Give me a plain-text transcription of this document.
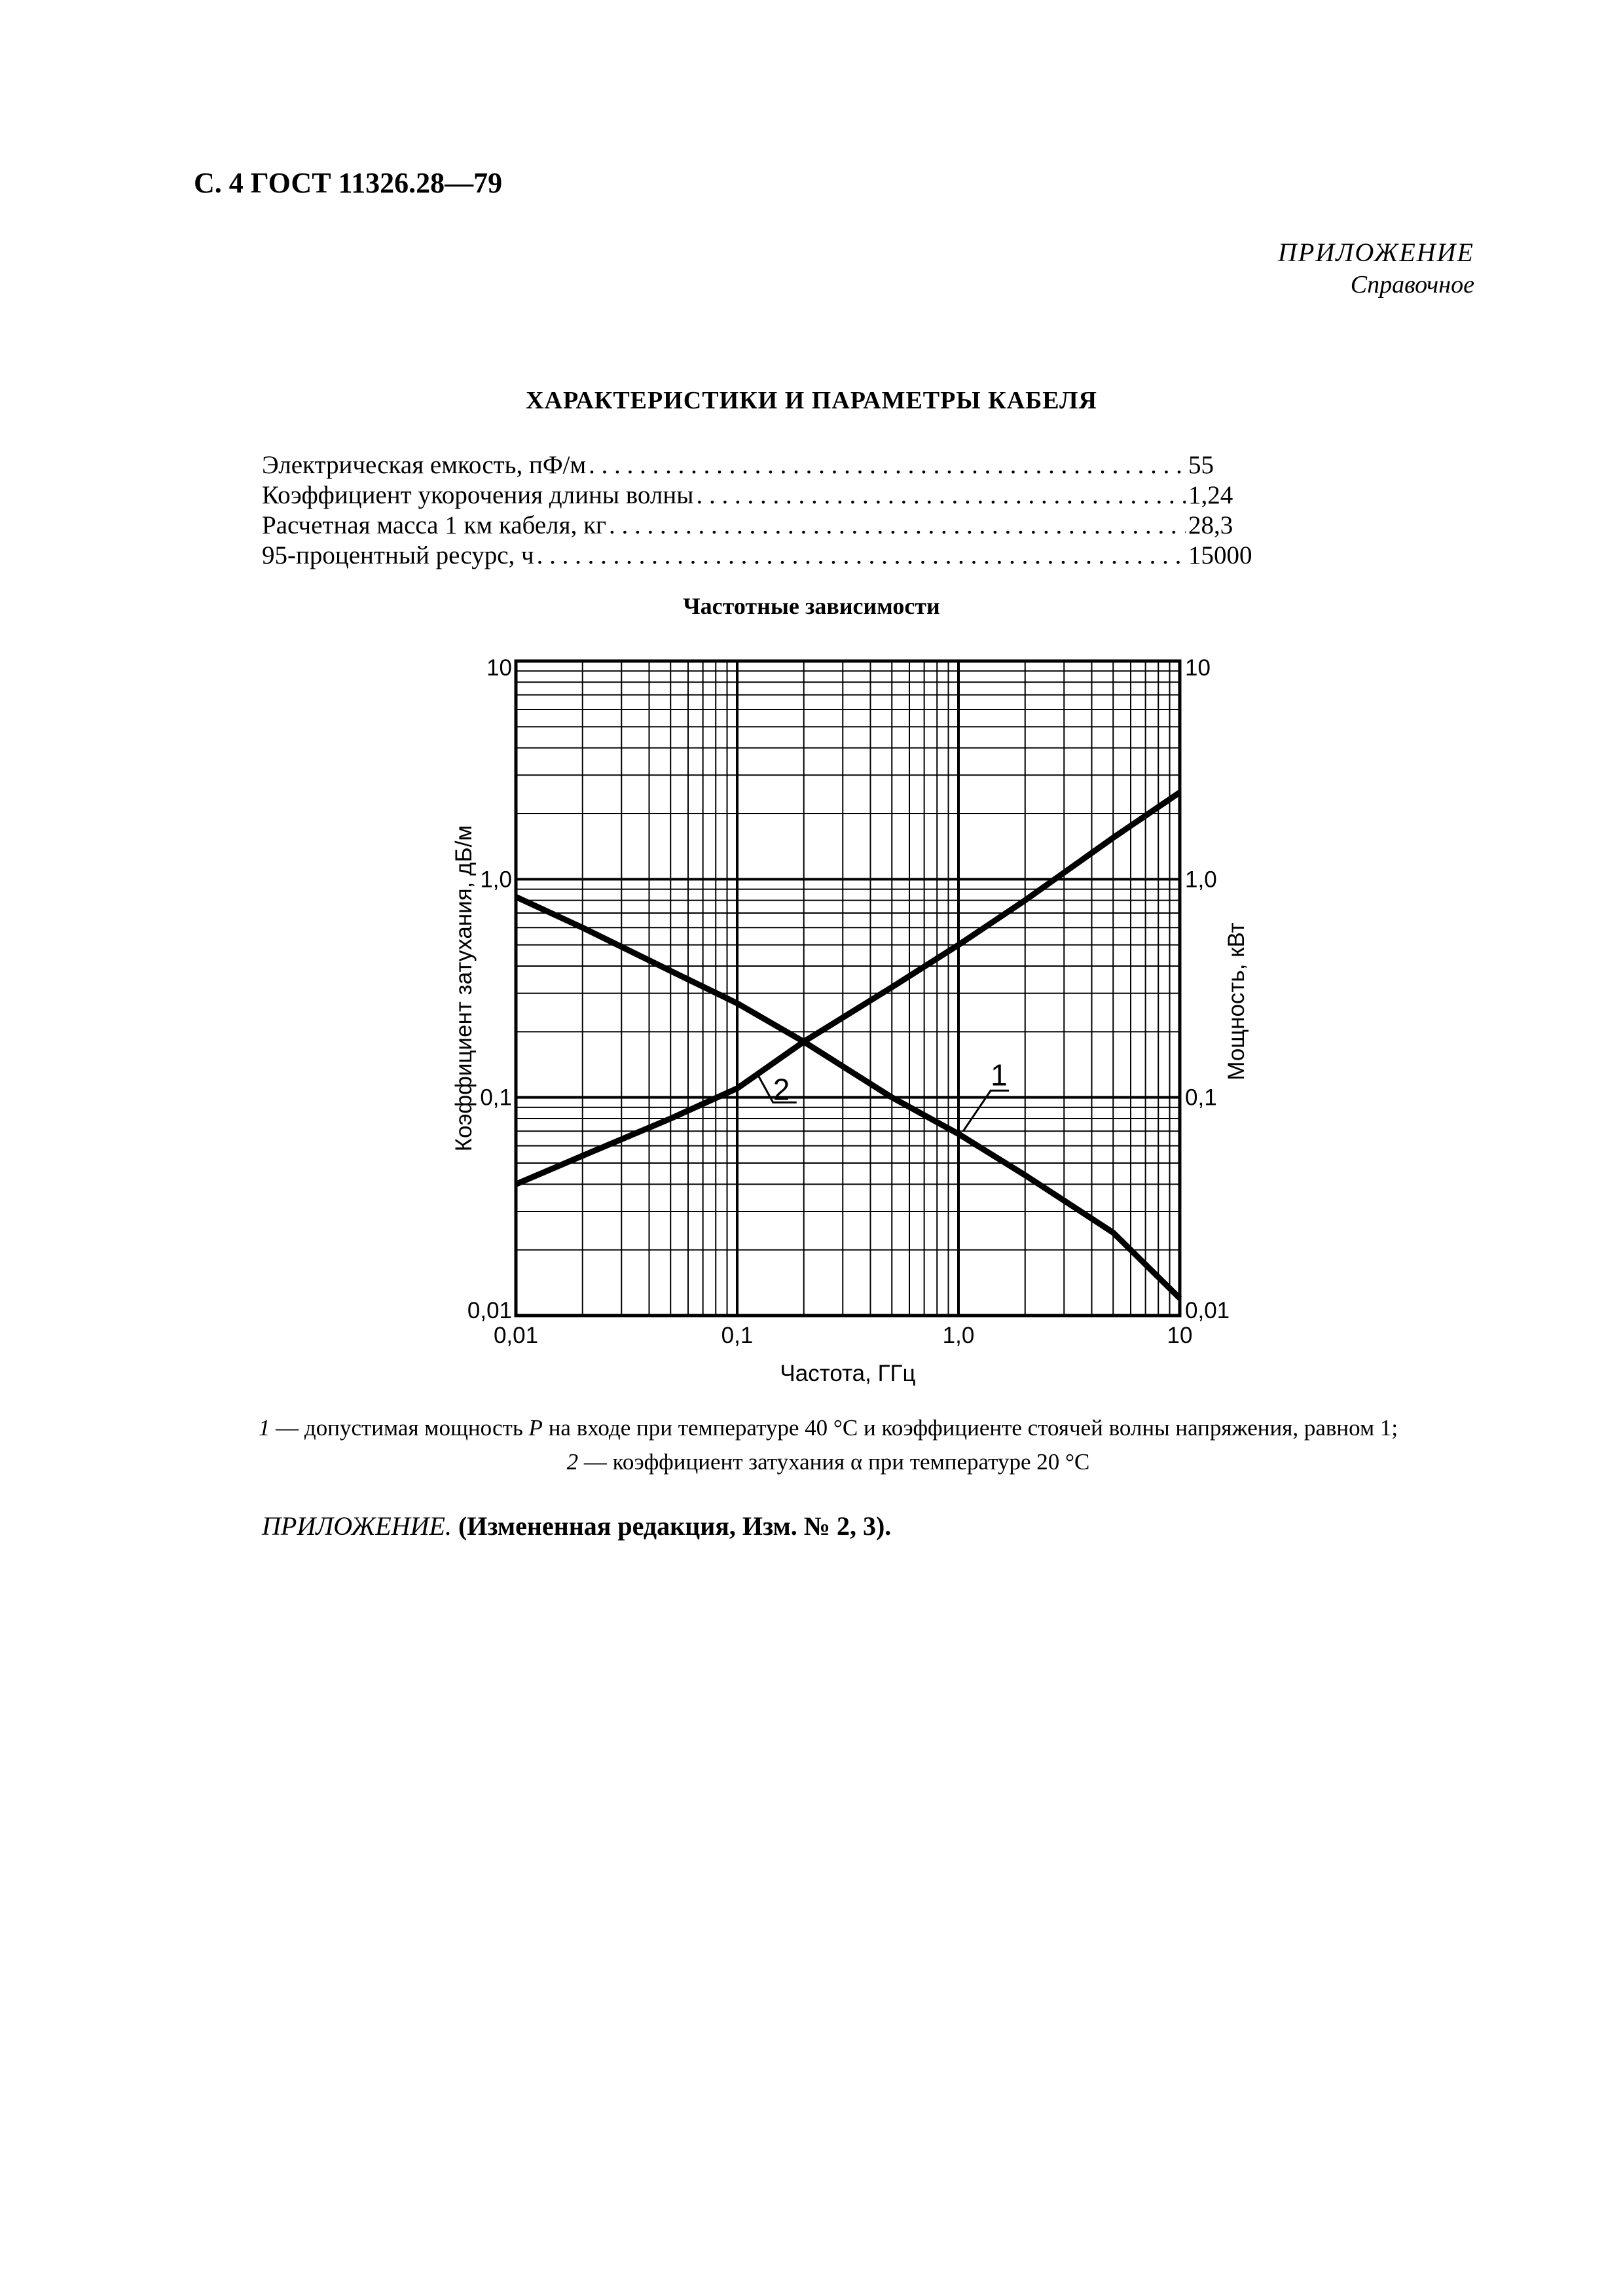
С. 4 ГОСТ 11326.28—79
ПРИЛОЖЕНИЕ
Справочное
ХАРАКТЕРИСТИКИ И ПАРАМЕТРЫ КАБЕЛЯ
Электрическая емкость, пФ/м . . .	55
Коэффициент укорочения длины волны . . .	1,24
Расчетная масса 1 км кабеля, кг . . .	28,3
95-процентный ресурс, ч . . .	15000
Частотные зависимости
1
2
0,01	0,1	1,0	10
0,01	0,01
0,1	0,1
1,0	1,0
10	10
Частота, ГГц
Коэффициент затухания, дБ/м	Мощность, кВт
1 — допустимая мощность P на входе при температуре 40 °С и коэффициенте стоячей волны напряжения, равном 1;
2 — коэффициент затухания α при температуре 20 °С
ПРИЛОЖЕНИЕ. (Измененная редакция, Изм. № 2, 3).
